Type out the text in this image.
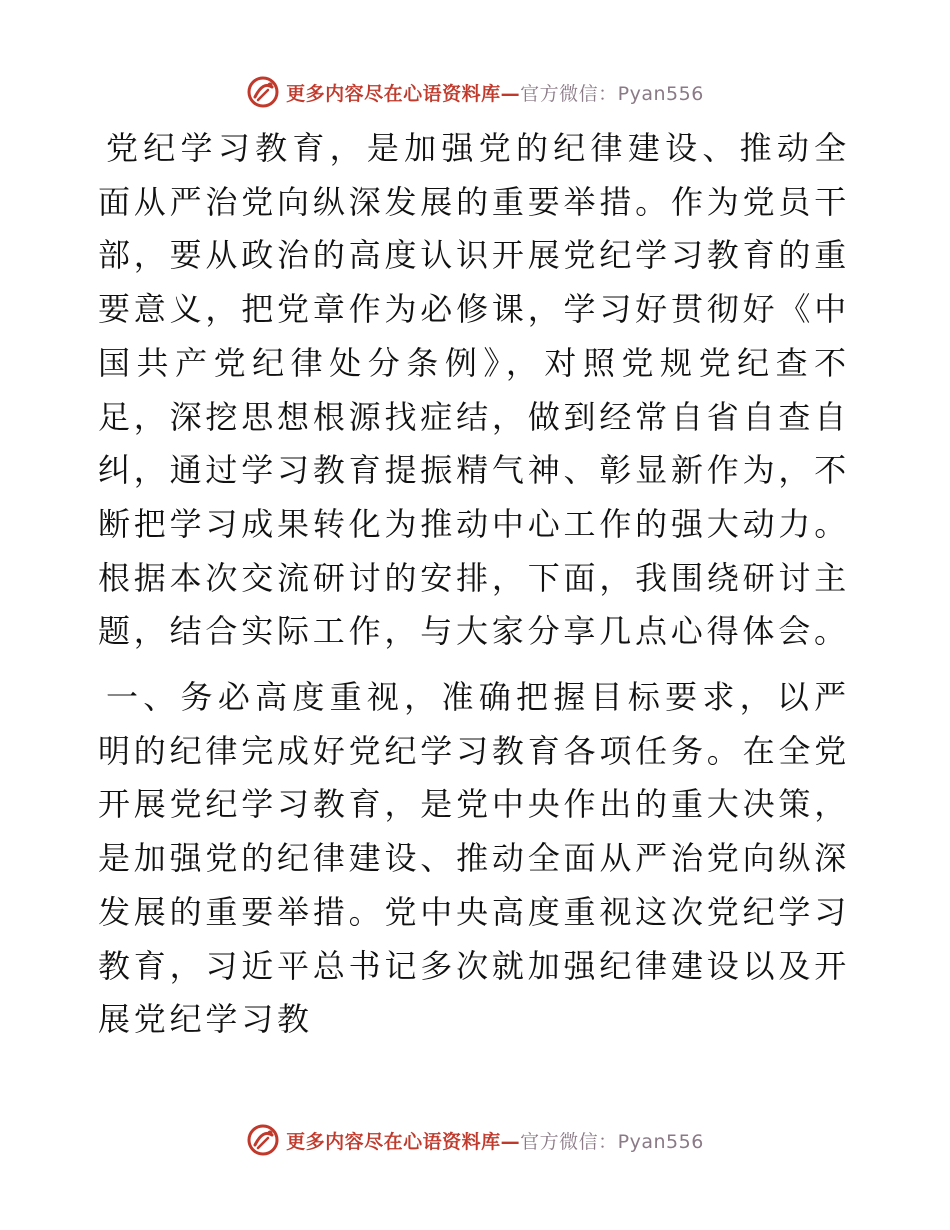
更多内容尽在心语资料库—官方微信：Pyan556

党纪学习教育，是加强党的纪律建设、推动全面从严治党向纵深发展的重要举措。作为党员干部，要从政治的高度认识开展党纪学习教育的重要意义，把党章作为必修课，学习好贯彻好《中国共产党纪律处分条例》，对照党规党纪查不足，深挖思想根源找症结，做到经常自省自查自纠，通过学习教育提振精气神、彰显新作为，不断把学习成果转化为推动中心工作的强大动力。根据本次交流研讨的安排，下面，我围绕研讨主题，结合实际工作，与大家分享几点心得体会。

一、务必高度重视，准确把握目标要求，以严明的纪律完成好党纪学习教育各项任务。在全党开展党纪学习教育，是党中央作出的重大决策，是加强党的纪律建设、推动全面从严治党向纵深发展的重要举措。党中央高度重视这次党纪学习教育，习近平总书记多次就加强纪律建设以及开展党纪学习教

更多内容尽在心语资料库—官方微信：Pyan556
